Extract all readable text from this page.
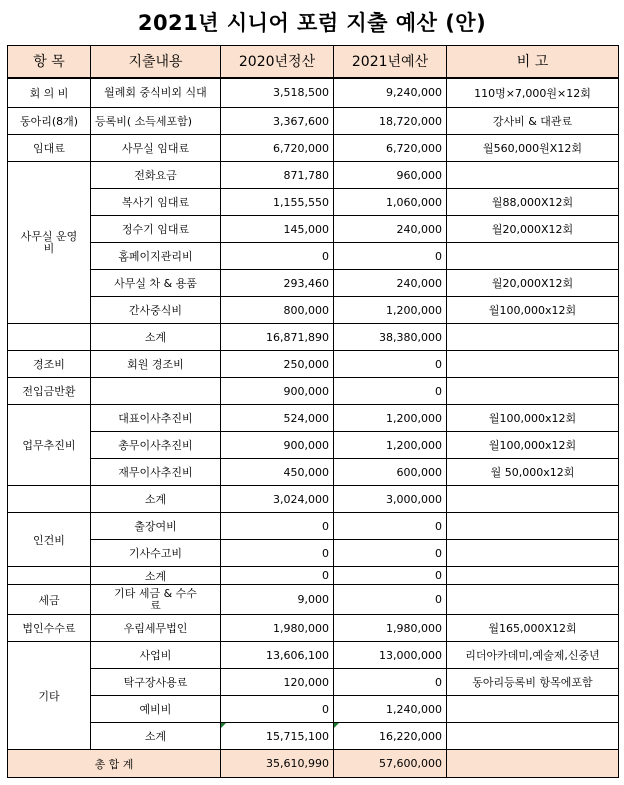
2021년 시니어 포럼 지출 예산 (안)
항 목	지출내용	2020년정산	2021년예산	비 고
회 의 비	월례회 중식비외 식대	3,518,500	9,240,000	110명×7,000원×12회
동아리(8개)	등록비( 소득세포함)	3,367,600	18,720,000	강사비 & 대관료
임대료	사무실 임대료	6,720,000	6,720,000	월560,000원X12회
사무실 운영비	전화요금	871,780	960,000	
	복사기 임대료	1,155,550	1,060,000	월88,000X12회
	정수기 임대료	145,000	240,000	월20,000X12회
	홈페이지관리비	0	0	
	사무실 차 & 용품	293,460	240,000	월20,000X12회
	간사중식비	800,000	1,200,000	월100,000x12회
	소계	16,871,890	38,380,000	
경조비	회원 경조비	250,000	0	
전입금반환		900,000	0	
업무추진비	대표이사추진비	524,000	1,200,000	월100,000x12회
	총무이사추진비	900,000	1,200,000	월100,000x12회
	재무이사추진비	450,000	600,000	월 50,000x12회
	소계	3,024,000	3,000,000	
인건비	출장여비	0	0	
	기사수고비	0	0	
	소계	0	0	
세금	기타 세금 & 수수료	9,000	0	
법인수수료	우림세무법인	1,980,000	1,980,000	월165,000X12회
기타	사업비	13,606,100	13,000,000	리더아카데미,예술제,신중년
	탁구장사용료	120,000	0	동아리등록비 항목에포함
	예비비	0	1,240,000	
	소계	15,715,100	16,220,000	
총 합 계		35,610,990	57,600,000	
